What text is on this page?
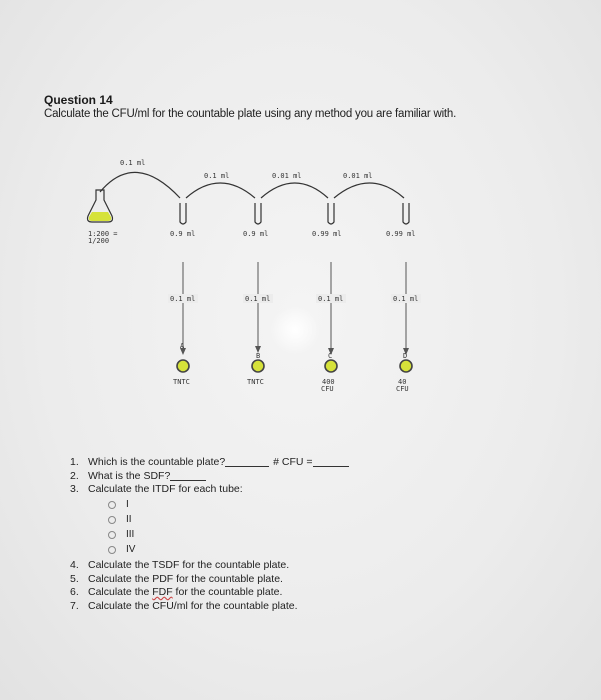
Question 14
Calculate the CFU/ml for the countable plate using any method you are familiar with.
0.1 ml
0.1 ml	0.01 ml	0.01 ml
1:200 =
1/200
0.9 ml	0.9 ml	0.99 ml	0.99 ml
0.1 ml	0.1 ml	0.1 ml	0.1 ml
A
B	C	D
TNTC	TNTC	400
CFU
40
CFU
1. Which is the countable plate?	# CFU =
2. What is the SDF?
3. Calculate the ITDF for each tube:
I
II
III
IV
4. Calculate the TSDF for the countable plate.
5. Calculate the PDF for the countable plate.
6. Calculate the FDF for the countable plate.
7. Calculate the CFU/ml for the countable plate.
